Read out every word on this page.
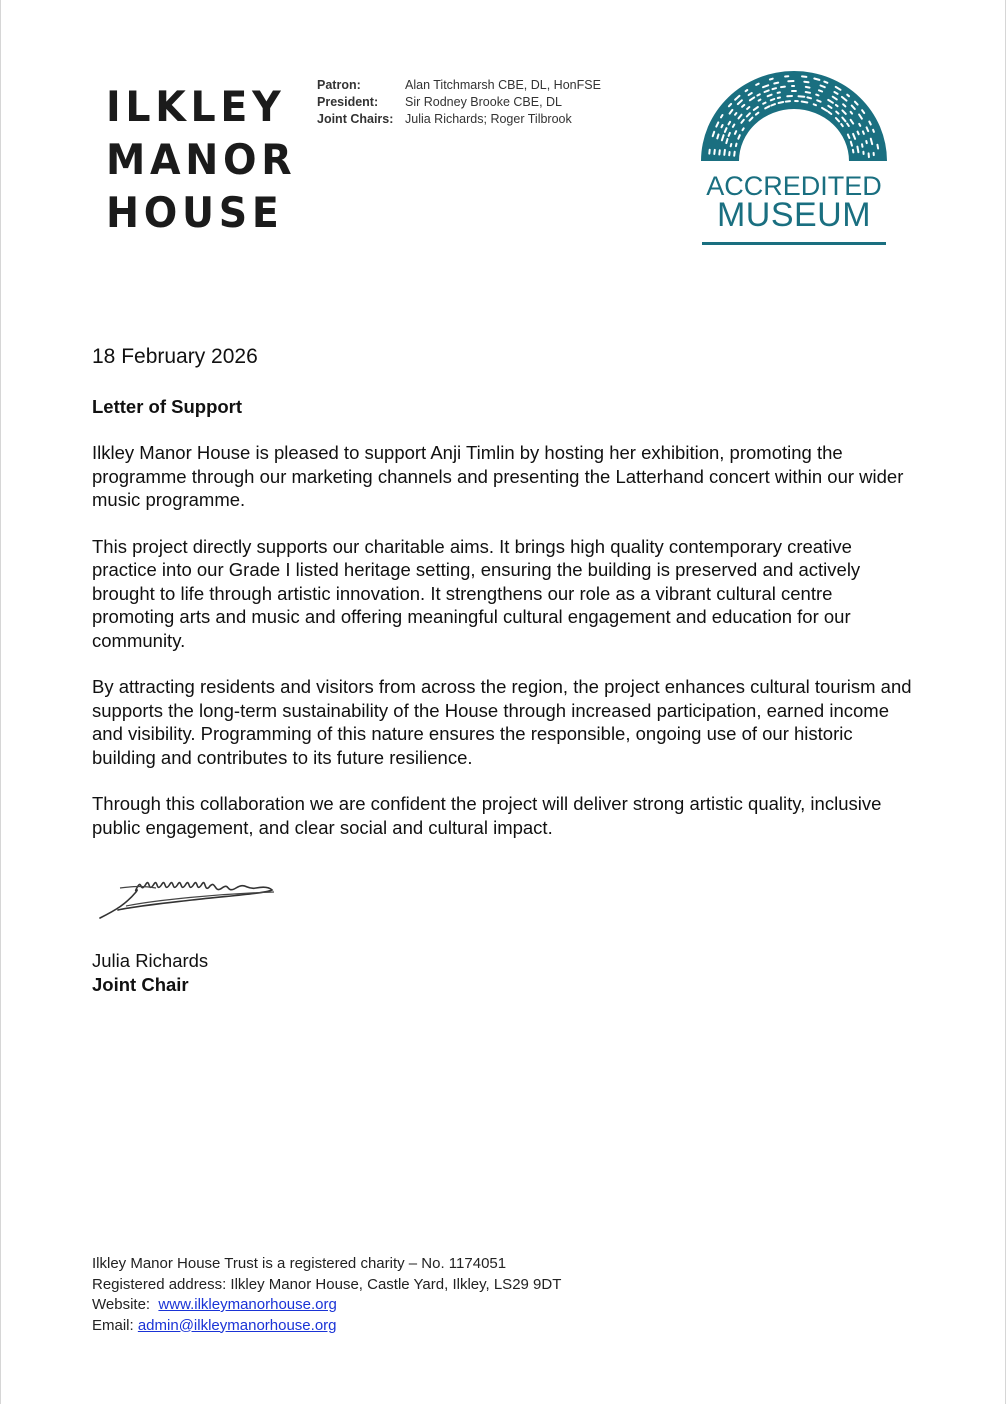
ILKLEY
MANOR
HOUSE
Patron:	Alan Titchmarsh CBE, DL, HonFSE
President:	Sir Rodney Brooke CBE, DL
Joint Chairs: Julia Richards; Roger Tilbrook
ACCREDITED
MUSEUM
18 February 2026
Letter of Support

Ilkley Manor House is pleased to support Anji Timlin by hosting her exhibition, promoting the programme through our marketing channels and presenting the Latterhand concert within our wider music programme.

This project directly supports our charitable aims. It brings high quality contemporary creative practice into our Grade I listed heritage setting, ensuring the building is preserved and actively brought to life through artistic innovation. It strengthens our role as a vibrant cultural centre promoting arts and music and offering meaningful cultural engagement and education for our community.

By attracting residents and visitors from across the region, the project enhances cultural tourism and supports the long-term sustainability of the House through increased participation, earned income and visibility. Programming of this nature ensures the responsible, ongoing use of our historic building and contributes to its future resilience.

Through this collaboration we are confident the project will deliver strong artistic quality, inclusive public engagement, and clear social and cultural impact.

Julia Richards
Joint Chair
Ilkley Manor House Trust is a registered charity – No. 1174051
Registered address: Ilkley Manor House, Castle Yard, Ilkley, LS29 9DT
Website:  www.ilkleymanorhouse.org
Email: admin@ilkleymanorhouse.org
